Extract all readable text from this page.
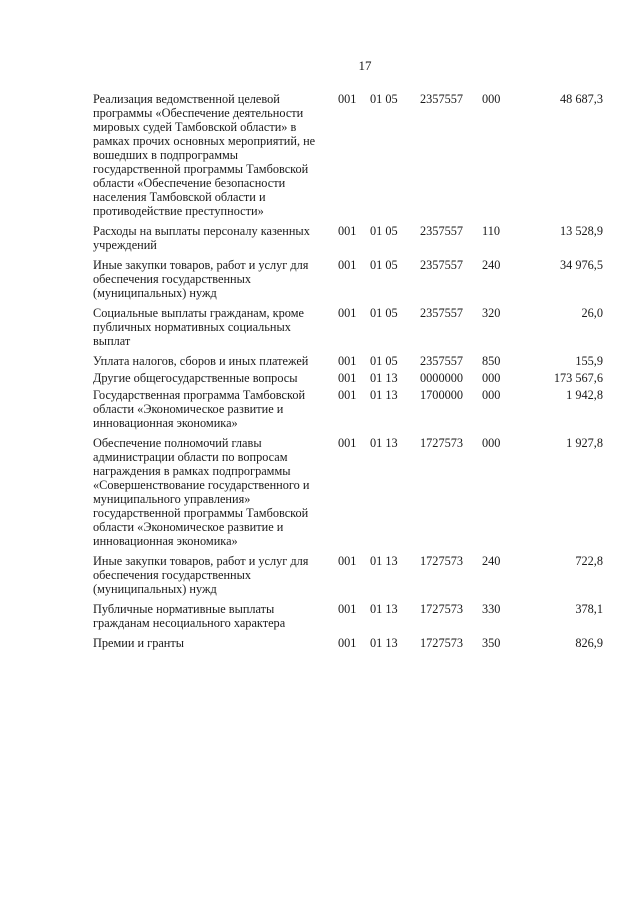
17
Реализация ведомственной целевой программы «Обеспечение деятельности мировых судей Тамбовской области» в рамках прочих основных мероприятий, не вошедших в подпрограммы государственной программы Тамбовской области «Обеспечение безопасности населения Тамбовской области и противодействие преступности»	001	01 05	2357557	000	48 687,3
Расходы на выплаты персоналу казенных учреждений	001	01 05	2357557	110	13 528,9
Иные закупки товаров, работ и услуг для обеспечения государственных (муниципальных) нужд	001	01 05	2357557	240	34 976,5
Социальные выплаты гражданам, кроме публичных нормативных социальных выплат	001	01 05	2357557	320	26,0
Уплата налогов, сборов и иных платежей	001	01 05	2357557	850	155,9
Другие общегосударственные вопросы	001	01 13	0000000	000	173 567,6
Государственная программа Тамбовской области «Экономическое развитие и инновационная экономика»	001	01 13	1700000	000	1 942,8
Обеспечение полномочий главы администрации области по вопросам награждения в рамках подпрограммы «Совершенствование государственного и муниципального управления» государственной программы Тамбовской области «Экономическое развитие и инновационная экономика»	001	01 13	1727573	000	1 927,8
Иные закупки товаров, работ и услуг для обеспечения государственных (муниципальных) нужд	001	01 13	1727573	240	722,8
Публичные нормативные выплаты гражданам несоциального характера	001	01 13	1727573	330	378,1
Премии и гранты	001	01 13	1727573	350	826,9
